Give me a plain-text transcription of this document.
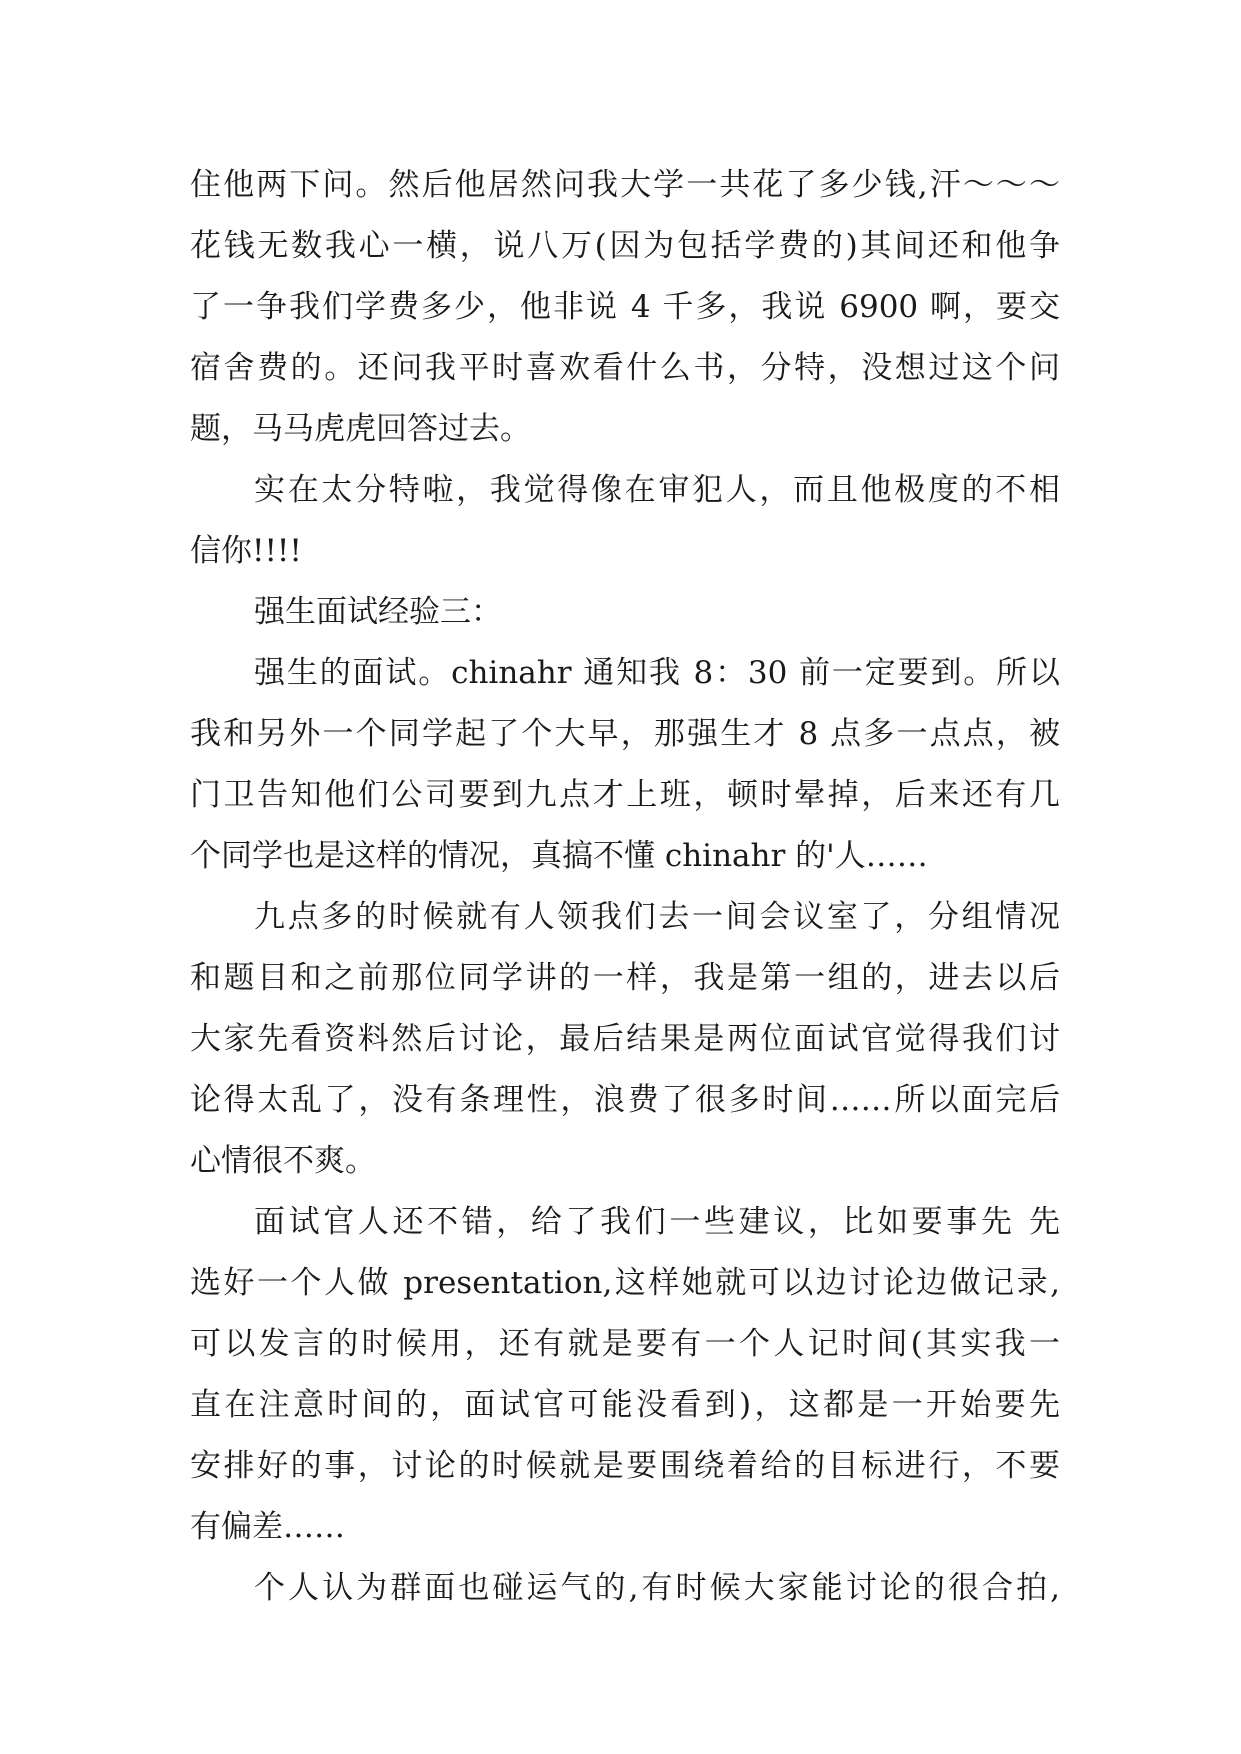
住他两下问。然后他居然问我大学一共花了多少钱,汗～～～
花钱无数我心一横，说八万(因为包括学费的)其间还和他争
了一争我们学费多少，他非说 4 千多，我说 6900 啊，要交
宿舍费的。还问我平时喜欢看什么书，分特，没想过这个问
题，马马虎虎回答过去。
实在太分特啦，我觉得像在审犯人，而且他极度的不相
信你!!!!
强生面试经验三：
强生的面试。chinahr 通知我 8：30 前一定要到。所以
我和另外一个同学起了个大早，那强生才 8 点多一点点，被
门卫告知他们公司要到九点才上班，顿时晕掉，后来还有几
个同学也是这样的情况，真搞不懂 chinahr 的'人……
九点多的时候就有人领我们去一间会议室了，分组情况
和题目和之前那位同学讲的一样，我是第一组的，进去以后
大家先看资料然后讨论，最后结果是两位面试官觉得我们讨
论得太乱了，没有条理性，浪费了很多时间……所以面完后
心情很不爽。
面试官人还不错，给了我们一些建议，比如要事先 先
选好一个人做 presentation,这样她就可以边讨论边做记录,
可以发言的时候用，还有就是要有一个人记时间(其实我一
直在注意时间的，面试官可能没看到)，这都是一开始要先
安排好的事，讨论的时候就是要围绕着给的目标进行，不要
有偏差……
个人认为群面也碰运气的,有时候大家能讨论的很合拍,
